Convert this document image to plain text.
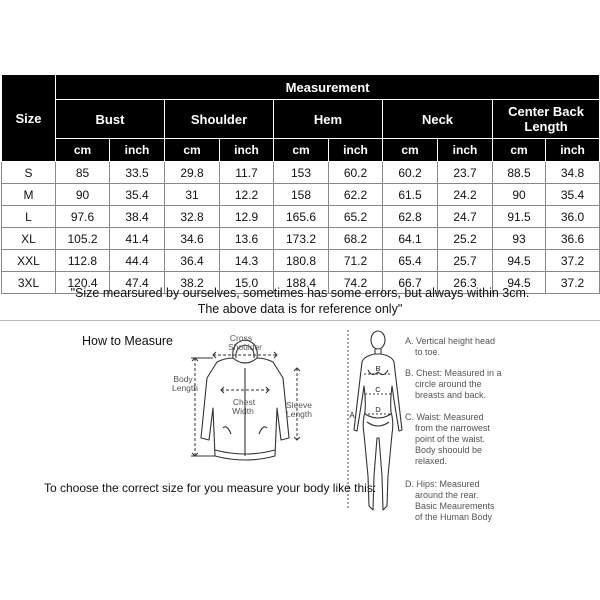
Size	Measurement									
	Bust		Shoulder		Hem		Neck		Center Back Length	
	cm	inch	cm	inch	cm	inch	cm	inch	cm	inch
S	85	33.5	29.8	11.7	153	60.2	60.2	23.7	88.5	34.8
M	90	35.4	31	12.2	158	62.2	61.5	24.2	90	35.4
L	97.6	38.4	32.8	12.9	165.6	65.2	62.8	24.7	91.5	36.0
XL	105.2	41.4	34.6	13.6	173.2	68.2	64.1	25.2	93	36.6
XXL	112.8	44.4	36.4	14.3	180.8	71.2	65.4	25.7	94.5	37.2
3XL	120.4	47.4	38.2	15.0	188.4	74.2	66.7	26.3	94.5	37.2
"Size mearsured by ourselves, sometimes has some errors, but always within 3cm.
The above data is for reference only"
How to Measure	Cross
Shoulder
Body
Length
Chest
Width
Sleeve
Length
To choose the correct size for you measure your body like this:
A
B
C
D
A. Vertical height head
to toe.
B. Chest: Measured in a
circle around the
breasts and back.
C. Waist: Measured
from the narrowest
point of the waist.
Body shoould be
relaxed.
D. Hips: Measured
around the rear.
Basic Meaurements
of the Human Body
